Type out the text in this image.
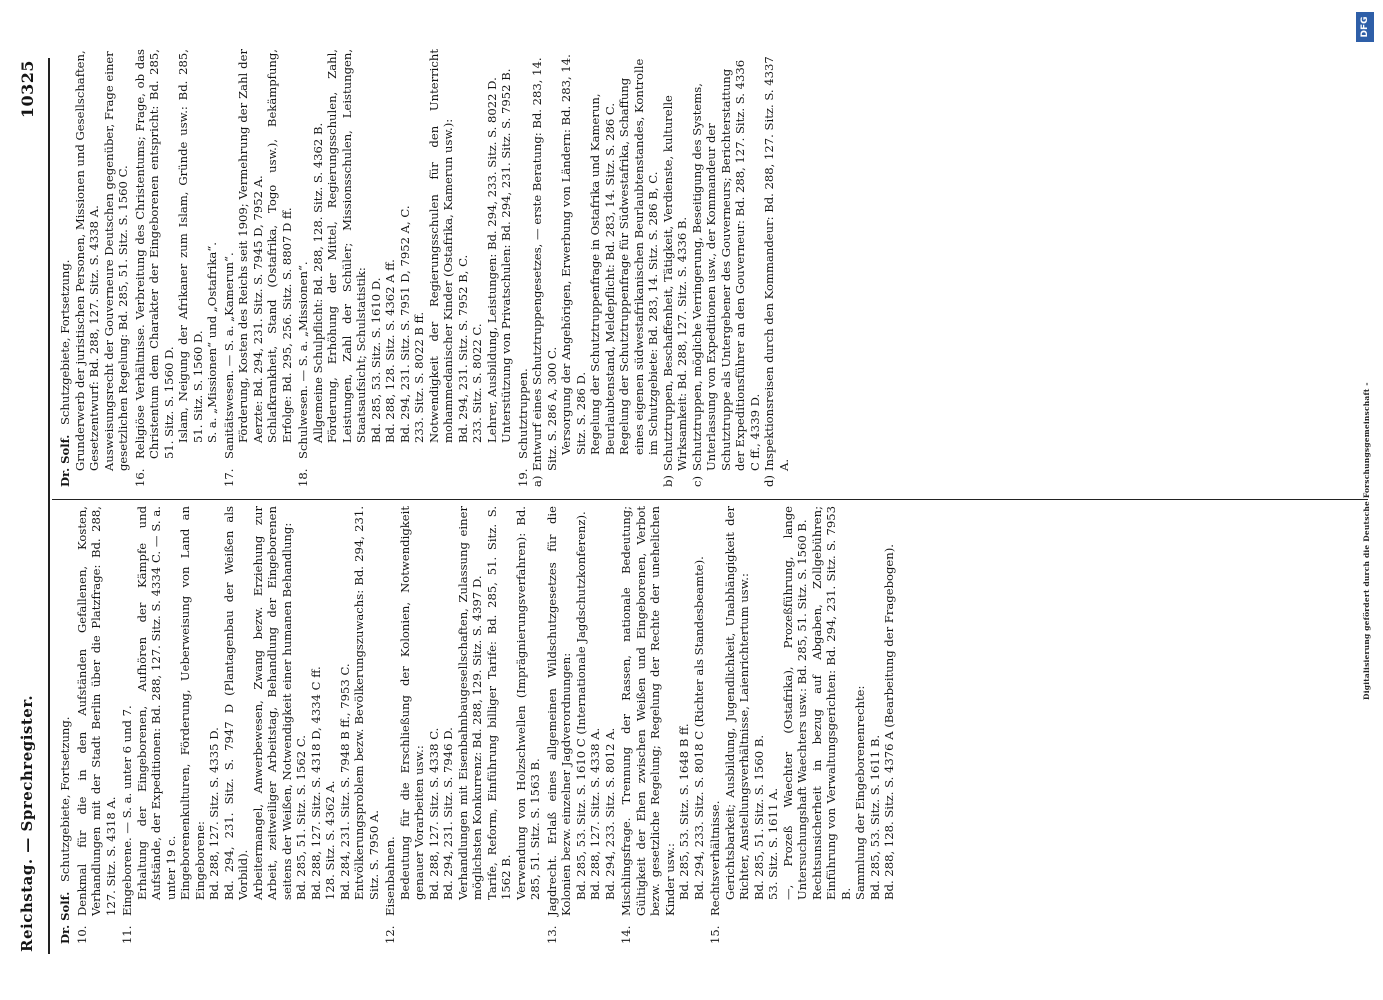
Reichstag. — Sprechregister.
10325
Dr. Solf. Schutzgebiete, Fortsetzung.
10.
Denkmal für die in den Aufständen Gefallenen, Kosten, Verhandlungen mit der Stadt Berlin über die Platzfrage: Bd. 288, 127. Sitz. S. 4318 A.
11.
Eingeborene. — S. a. unter 6 und 7. Erhaltung der Eingeborenen, Aufhören der Kämpfe und Aufstände, der Expeditionen: Bd. 288, 127. Sitz. S. 4334 C. — S. a. unter 19 c. Eingeborenenkulturen, Förderung, Ueberweisung von Land an Eingeborene: Bd. 288, 127. Sitz. S. 4335 D. Bd. 294, 231. Sitz. S. 7947 D (Plantagenbau der Weißen als Vorbild). Arbeitermangel, Anwerbewesen, Zwang bezw. Erziehung zur Arbeit, zeitweiliger Arbeitstag, Behandlung der Eingeborenen seitens der Weißen, Notwendigkeit einer humanen Behandlung: Bd. 285, 51. Sitz. S. 1562 C. Bd. 288, 127. Sitz. S. 4318 D, 4334 C ff. 128. Sitz. S. 4362 A. Bd. 284, 231. Sitz. S. 7948 B ff., 7953 C. Entvölkerungsproblem bezw. Bevölkerungszuwachs: Bd. 294, 231. Sitz. S. 7950 A.
12.
Eisenbahnen. Bedeutung für die Erschließung der Kolonien, Notwendigkeit genauer Vorarbeiten usw.: Bd. 288, 127. Sitz. S. 4338 C. Bd. 294, 231. Sitz. S. 7946 D. Verhandlungen mit Eisenbahnbaugesellschaften, Zulassung einer möglichsten Konkurrenz: Bd. 288, 129. Sitz. S. 4397 D. Tarife, Reform, Einführung billiger Tarife: Bd. 285, 51. Sitz. S. 1562 B. Verwendung von Holzschwellen (Imprägnierungsverfahren): Bd. 285, 51. Sitz. S. 1563 B.
13.
Jagdrecht. Erlaß eines allgemeinen Wildschutzgesetzes für die Kolonien bezw. einzelner Jagdverordnungen: Bd. 285, 53. Sitz. S. 1610 C (Internationale Jagdschutzkonferenz). Bd. 288, 127. Sitz. S. 4338 A. Bd. 294, 233. Sitz. S. 8012 A.
14.
Mischlingsfrage. Trennung der Rassen, nationale Bedeutung; Gültigkeit der Ehen zwischen Weißen und Eingeborenen, Verbot bezw. gesetzliche Regelung; Regelung der Rechte der unehelichen Kinder usw.: Bd. 285, 53. Sitz. S. 1648 B ff. Bd. 294, 233. Sitz. S. 8018 C (Richter als Standesbeamte).
15.
Rechtsverhältnisse. Gerichtsbarkeit; Ausbildung, Jugendlichkeit, Unabhängigkeit der Richter, Anstellungsverhältnisse, Laienrichtertum usw.: Bd. 285, 51. Sitz. S. 1560 B. 53. Sitz. S. 1611 A. —, Prozeß Waechter (Ostafrika), Prozeßführung, lange Untersuchungshaft Waechters usw.: Bd. 285, 51. Sitz. S. 1560 B. Rechtsunsicherheit in bezug auf Abgaben, Zollgebühren; Einführung von Verwaltungsgerichten: Bd. 294, 231. Sitz. S. 7953 B. Sammlung der Eingeborenenrechte: Bd. 285, 53. Sitz. S. 1611 B. Bd. 288, 128. Sitz. S. 4376 A (Bearbeitung der Fragebogen).
Dr. Solf. Schutzgebiete, Fortsetzung. Grunderwerb der juristischen Personen, Missionen und Gesellschaften, Gesetzentwurf: Bd. 288, 127. Sitz. S. 4338 A. Ausweisungsrecht der Gouverneure Deutschen gegenüber, Frage einer gesetzlichen Regelung: Bd. 285, 51. Sitz. S. 1560 C.
16.
Religiöse Verhältnisse. Verbreitung des Christentums; Frage, ob das Christentum dem Charakter der Eingeborenen entspricht: Bd. 285, 51. Sitz. S. 1560 D. Islam, Neigung der Afrikaner zum Islam, Gründe usw.: Bd. 285, 51. Sitz. S. 1560 D. S. a. „Missionen“ und „Ostafrika“.
17.
Sanitätswesen. — S. a. „Kamerun“. Förderung, Kosten des Reichs seit 1909; Vermehrung der Zahl der Aerzte: Bd. 294, 231. Sitz. S. 7945 D, 7952 A. Schlafkrankheit, Stand (Ostafrika, Togo usw.), Bekämpfung, Erfolge: Bd. 295, 256. Sitz. S. 8807 D ff.
18.
Schulwesen. — S. a. „Missionen“. Allgemeine Schulpflicht: Bd. 288, 128. Sitz. S. 4362 B. Förderung, Erhöhung der Mittel, Regierungsschulen, Zahl, Leistungen, Zahl der Schüler; Missionsschulen, Leistungen, Staatsaufsicht; Schulstatistik: Bd. 285, 53. Sitz. S. 1610 D. Bd. 288, 128. Sitz. S. 4362 A ff. Bd. 294, 231. Sitz. S. 7951 D, 7952 A, C. 233. Sitz. S. 8022 B ff. Notwendigkeit der Regierungsschulen für den Unterricht mohammedanischer Kinder (Ostafrika, Kamerun usw.): Bd. 294, 231. Sitz. S. 7952 B, C. 233. Sitz. S. 8022 C. Lehrer, Ausbildung, Leistungen: Bd. 294, 233. Sitz. S. 8022 D. Unterstützung von Privatschulen: Bd. 294, 231. Sitz. S. 7952 B.
19.
Schutztruppen.
a)
Entwurf eines Schutztruppengesetzes, — erste Beratung: Bd. 283, 14. Sitz. S. 286 A, 300 C. Versorgung der Angehörigen, Erwerbung von Ländern: Bd. 283, 14. Sitz. S. 286 D. Regelung der Schutztruppenfrage in Ostafrika und Kamerun, Beurlaubtenstand, Meldepflicht: Bd. 283, 14. Sitz. S. 286 C. Regelung der Schutztruppenfrage für Südwestafrika, Schaffung eines eigenen südwestafrikanischen Beurlaubtenstandes, Kontrolle im Schutzgebiete: Bd. 283, 14. Sitz. S. 286 B, C.
b)
Schutztruppen, Beschaffenheit, Tätigkeit, Verdienste, kulturelle Wirksamkeit: Bd. 288, 127. Sitz. S. 4336 B.
c)
Schutztruppen, mögliche Verringerung, Beseitigung des Systems, Unterlassung von Expeditionen usw., der Kommandeur der Schutztruppe als Untergebener des Gouverneurs; Berichterstattung der Expeditionsführer an den Gouverneur: Bd. 288, 127. Sitz. S. 4336 C ff., 4339 D.
d)
Inspektionsreisen durch den Kommandeur: Bd. 288, 127. Sitz. S. 4337 A.	Digitalisierung gefördert durch die Deutsche Forschungsgemeinschaft -
DFG
